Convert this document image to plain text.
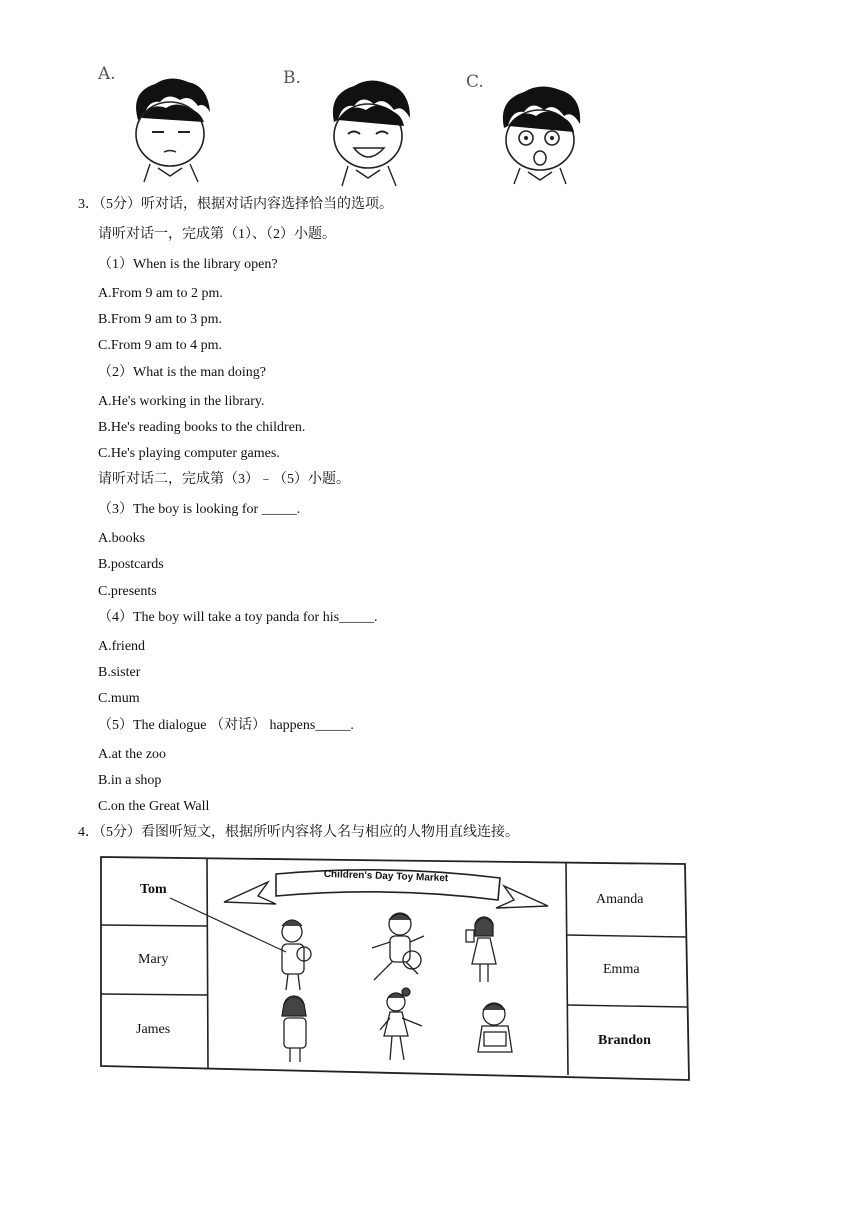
A.	B.	C.
3．（5分）听对话，根据对话内容选择恰当的选项。
请听对话一，完成第（1）、（2）小题。
（1）When is the library open?
A.From 9 am to 2 pm.
B.From 9 am to 3 pm.
C.From 9 am to 4 pm.
（2）What is the man doing?
A.He's working in the library.
B.He's reading books to the children.
C.He's playing computer games.
请听对话二，完成第（3）﹣（5）小题。
（3）The boy is looking for _____.
A.books
B.postcards
C.presents
（4）The boy will take a toy panda for his_____.
A.friend
B.sister
C.mum
（5）The dialogue （对话） happens_____.
A.at the zoo
B.in a shop
C.on the Great Wall
4．（5分）看图听短文，根据所听内容将人名与相应的人物用直线连接。
Children's Day Toy Market
Tom
Mary
James
Amanda
Emma
Brandon
